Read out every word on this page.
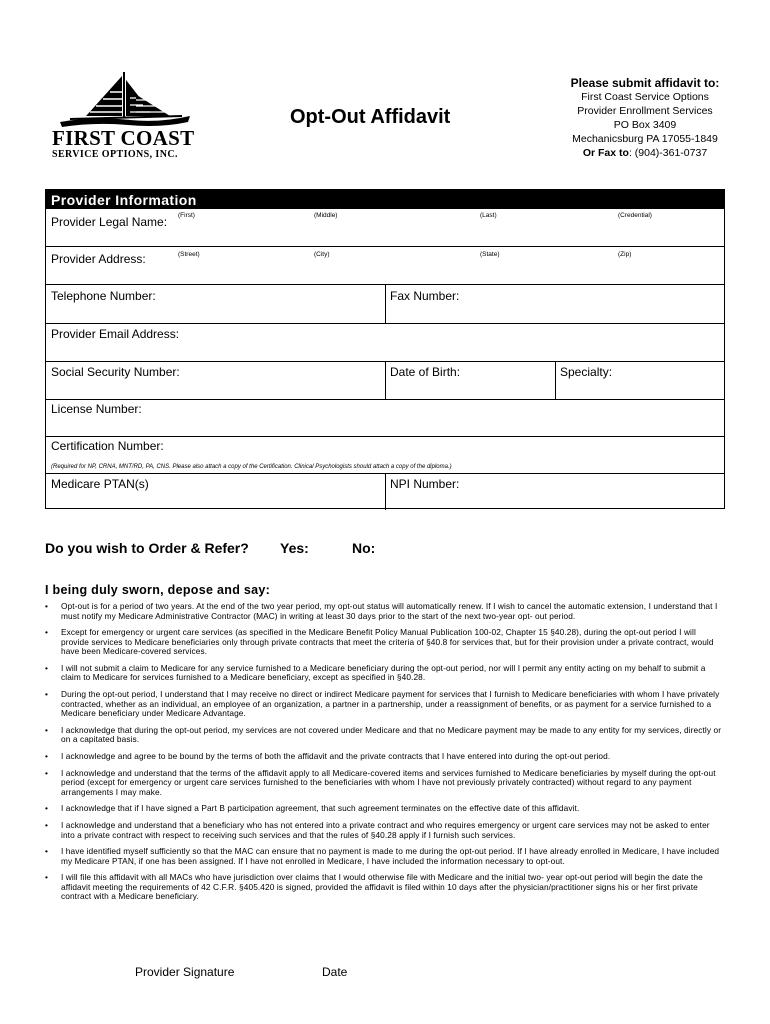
FIRST COAST
SERVICE OPTIONS, INC.
Opt-Out Affidavit
Please submit affidavit to:
First Coast Service Options
Provider Enrollment Services
PO Box 3409
Mechanicsburg PA 17055-1849
Or Fax to: (904)-361-0737
Provider Information
Provider Legal Name: (First)	(Middle)	(Last)	(Credential)
Provider Address:	(Street)	(City)	(State)	(Zip)
Telephone Number:	Fax Number:
Provider Email Address:
Social Security Number:	Date of Birth:	Specialty:
License Number:
Certification Number:
(Required for NP, CRNA, MNT/RD, PA, CNS. Please also attach a copy of the Certification. Clinical Psychologists should attach a copy of the diploma.)
Medicare PTAN(s)	NPI Number:
Do you wish to Order & Refer? Yes:	No:
I being duly sworn, depose and say:
• Opt-out is for a period of two years. At the end of the two year period, my opt-out status will automatically renew. If I wish to cancel the automatic extension, I understand that I must notify my Medicare Administrative Contractor (MAC) in writing at least 30 days prior to the start of the next two-year opt- out period.
• Except for emergency or urgent care services (as specified in the Medicare Benefit Policy Manual Publication 100-02, Chapter 15 §40.28), during the opt-out period I will provide services to Medicare beneficiaries only through private contracts that meet the criteria of §40.8 for services that, but for their provision under a private contract, would have been Medicare-covered services.
• I will not submit a claim to Medicare for any service furnished to a Medicare beneficiary during the opt-out period, nor will I permit any entity acting on my behalf to submit a claim to Medicare for services furnished to a Medicare beneficiary, except as specified in §40.28.
• During the opt-out period, I understand that I may receive no direct or indirect Medicare payment for services that I furnish to Medicare beneficiaries with whom I have privately contracted, whether as an individual, an employee of an organization, a partner in a partnership, under a reassignment of benefits, or as payment for a service furnished to a Medicare beneficiary under Medicare Advantage.
• I acknowledge that during the opt-out period, my services are not covered under Medicare and that no Medicare payment may be made to any entity for my services, directly or on a capitated basis.
• I acknowledge and agree to be bound by the terms of both the affidavit and the private contracts that I have entered into during the opt-out period.
• I acknowledge and understand that the terms of the affidavit apply to all Medicare-covered items and services furnished to Medicare beneficiaries by myself during the opt-out period (except for emergency or urgent care services furnished to the beneficiaries with whom I have not previously privately contracted) without regard to any payment arrangements I may make.
• I acknowledge that if I have signed a Part B participation agreement, that such agreement terminates on the effective date of this affidavit.
• I acknowledge and understand that a beneficiary who has not entered into a private contract and who requires emergency or urgent care services may not be asked to enter into a private contract with respect to receiving such services and that the rules of §40.28 apply if I furnish such services.
• I have identified myself sufficiently so that the MAC can ensure that no payment is made to me during the opt-out period. If I have already enrolled in Medicare, I have included my Medicare PTAN, if one has been assigned. If I have not enrolled in Medicare, I have included the information necessary to opt-out.
• I will file this affidavit with all MACs who have jurisdiction over claims that I would otherwise file with Medicare and the initial two- year opt-out period will begin the date the affidavit meeting the requirements of 42 C.F.R. §405.420 is signed, provided the affidavit is filed within 10 days after the physician/practitioner signs his or her first private contract with a Medicare beneficiary.
Provider Signature	Date
